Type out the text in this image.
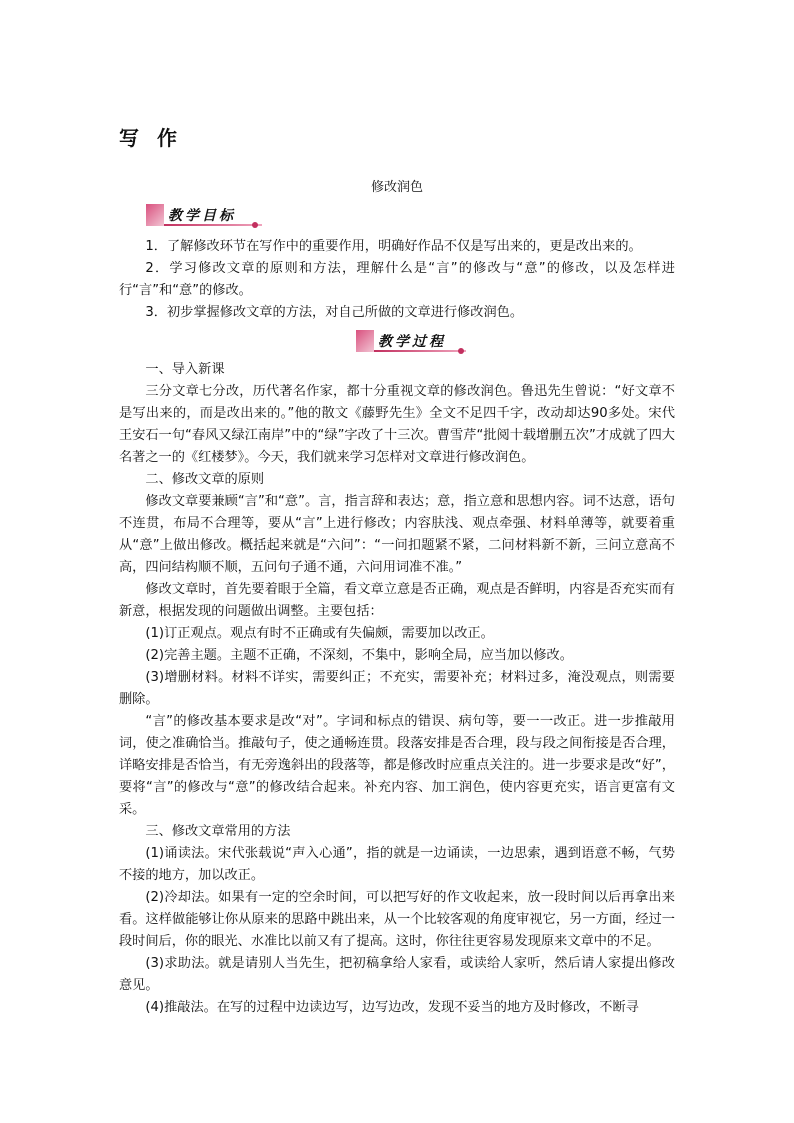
写 作
修改润色
教学目标

1．了解修改环节在写作中的重要作用，明确好作品不仅是写出来的，更是改出来的。

2．学习修改文章的原则和方法，理解什么是“言”的修改与“意”的修改，以及怎样进行“言”和“意”的修改。

3．初步掌握修改文章的方法，对自己所做的文章进行修改润色。

教学过程

一、导入新课

三分文章七分改，历代著名作家，都十分重视文章的修改润色。鲁迅先生曾说：“好文章不是写出来的，而是改出来的。”他的散文《藤野先生》全文不足四千字，改动却达90多处。宋代王安石一句“春风又绿江南岸”中的“绿”字改了十三次。曹雪芹“批阅十载增删五次”才成就了四大名著之一的《红楼梦》。今天，我们就来学习怎样对文章进行修改润色。

二、修改文章的原则

修改文章要兼顾“言”和“意”。言，指言辞和表达；意，指立意和思想内容。词不达意，语句不连贯，布局不合理等，要从“言”上进行修改；内容肤浅、观点牵强、材料单薄等，就要着重从“意”上做出修改。概括起来就是“六问”：“一问扣题紧不紧，二问材料新不新，三问立意高不高，四问结构顺不顺，五问句子通不通，六问用词准不准。”

修改文章时，首先要着眼于全篇，看文章立意是否正确，观点是否鲜明，内容是否充实而有新意，根据发现的问题做出调整。主要包括：

(1)订正观点。观点有时不正确或有失偏颇，需要加以改正。

(2)完善主题。主题不正确，不深刻，不集中，影响全局，应当加以修改。

(3)增删材料。材料不详实，需要纠正；不充实，需要补充；材料过多，淹没观点，则需要删除。

“言”的修改基本要求是改“对”。字词和标点的错误、病句等，要一一改正。进一步推敲用词，使之准确恰当。推敲句子，使之通畅连贯。段落安排是否合理，段与段之间衔接是否合理，详略安排是否恰当，有无旁逸斜出的段落等，都是修改时应重点关注的。进一步要求是改“好”，要将“言”的修改与“意”的修改结合起来。补充内容、加工润色，使内容更充实，语言更富有文采。

三、修改文章常用的方法

(1)诵读法。宋代张载说“声入心通”，指的就是一边诵读，一边思索，遇到语意不畅，气势不接的地方，加以改正。

(2)冷却法。如果有一定的空余时间，可以把写好的作文收起来，放一段时间以后再拿出来看。这样做能够让你从原来的思路中跳出来，从一个比较客观的角度审视它，另一方面，经过一段时间后，你的眼光、水准比以前又有了提高。这时，你往往更容易发现原来文章中的不足。

(3)求助法。就是请别人当先生，把初稿拿给人家看，或读给人家听，然后请人家提出修改意见。

(4)推敲法。在写的过程中边读边写，边写边改，发现不妥当的地方及时修改，不断寻
